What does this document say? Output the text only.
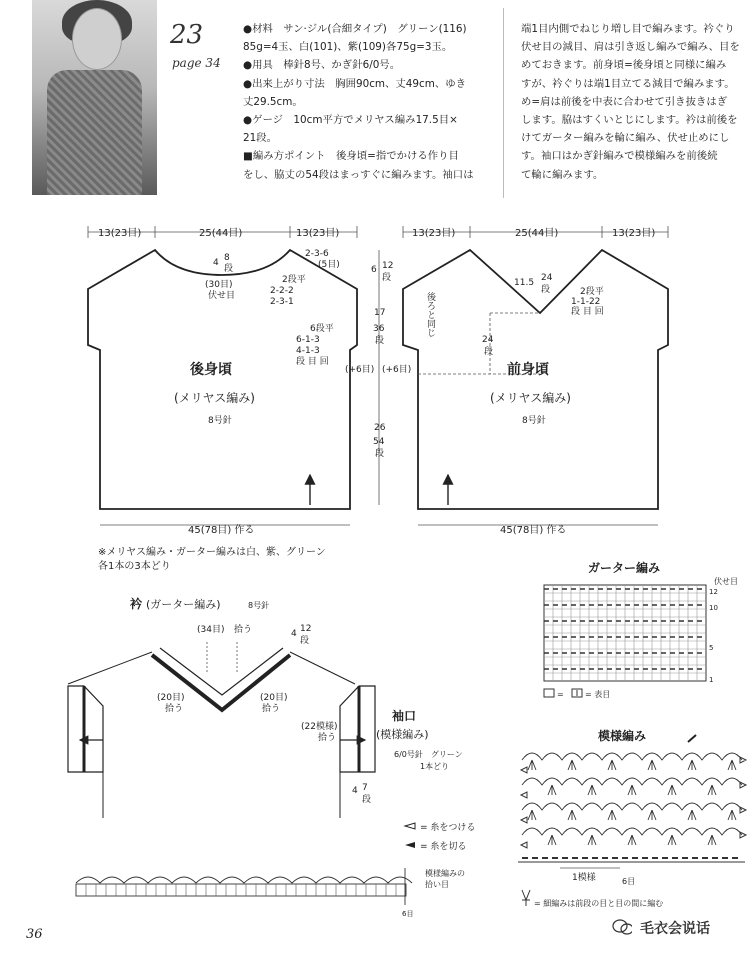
23
page 34
●材料　サン·ジル(合細タイプ)　グリーン(116)
85g=4玉、白(101)、紫(109)各75g=3玉。
●用具　棒針8号、かぎ針6/0号。
●出来上がり寸法　胸囲90cm、丈49cm、ゆき
丈29.5cm。
●ゲージ　10cm平方でメリヤス編み17.5目×
21段。
■編み方ポイント　後身頃=指でかける作り目
をし、脇丈の54段はまっすぐに編みます。袖口は
端1目内側でねじり増し目で編みます。衿ぐり
伏せ目の減目、肩は引き返し編みで編み、目を
めておきます。前身頃=後身頃と同様に編み
すが、衿ぐりは端1目立てる減目で編みます。
め=肩は前後を中表に合わせて引き抜きはぎ
します。脇はすくいとじにします。衿は前後を
けてガーター編みを輪に編み、伏せ止めにし
す。袖口はかぎ針編みで模様編みを前後続
て輪に編みます。
13(23目)	25(44目)	13(23目)
4 8
段
(30目)
伏せ目
2-3-6
(5目)
2段平
2-2-2
2-3-1
6段平
6-1-3
4-1-3
段 目 回
後身頃
(メリヤス編み)
8号針
45(78目) 作る
6 12
段
17
36
段
(+6目)
26
54
段
13(23目)	25(44目)	13(23目)
11.5 24
段	2段平
1-1-22
段 目 回
24
段
(+6目)
後ろと同じ
前身頃
(メリヤス編み)
8号針
45(78目) 作る
衿 (ガーター編み)	8号針
(34目) 拾う	4 12
段
(20目)
拾う
(20目)
拾う
(22模様)
拾う
袖口
(模様編み)
6/0号針　グリーン
1本どり
4 7
段
= 糸をつける
= 糸を切る
ガーター編み
伏せ目
12
10
5
1
=	= 表目
模様編み
1模様	6目
模様編みの
拾い目
6目
= 細編みは前段の目と目の間に編む
※メリヤス編み・ガーター編みは白、紫、グリーン
各1本の3本どり
36	毛衣会说话
